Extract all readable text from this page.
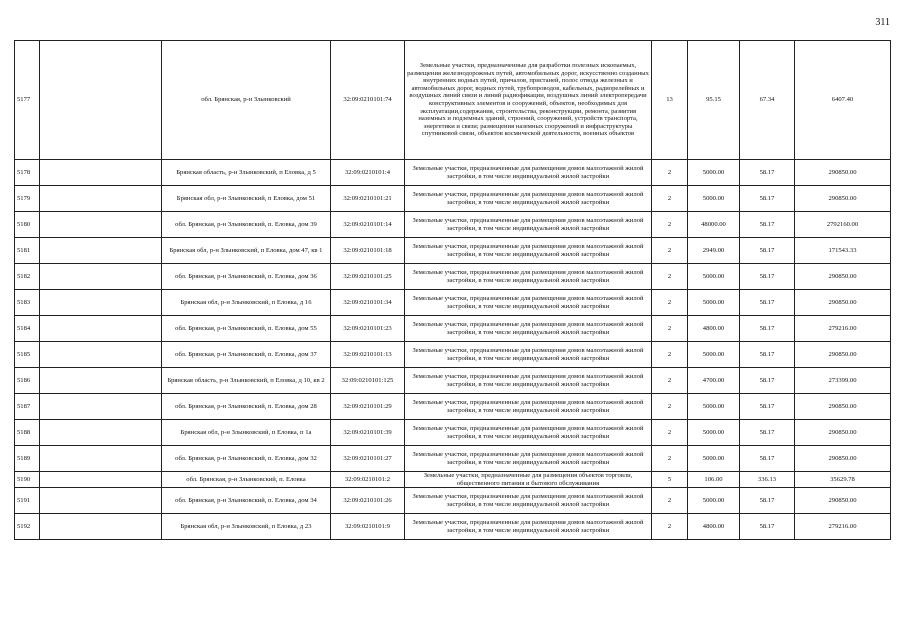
311
5177		обл. Брянская, р-н Злынковский	32:09:0210101:74	Земельные участки, предназначенные для разработки полезных ископаемых, размещения железнодорожных путей, автомобильных дорог, искусственно созданных внутренних водных путей, причалов, пристаней, полос отвода железных и автомобильных дорог, водных путей, трубопроводов, кабельных, радиорелейных и воздушных линий связи и линий радиофикации, воздушных линий электропередачи конструктивных элементов и сооружений, объектов, необходимых для эксплуатации,содержания, строительства, реконструкции, ремонта, развития наземных и подземных зданий, строений, сооружений, устройств транспорта, энергетики и связи; размещения наземных сооружений и инфраструктуры спутниковой связи, объектов космической деятельности, военных объектов	13	95.15	67.34	6407.40
5178		Брянская область, р-н Злынковский, п Еловка, д 5	32:09:0210101:4	Земельные участки, предназначенные для размещения домов малоэтажной жилой застройки, в том числе индивидуальной жилой застройки	2	5000.00	58.17	290850.00
5179		Брянская обл, р-н Злынковский, п Еловка, дом 51	32:09:0210101:21	Земельные участки, предназначенные для размещения домов малоэтажной жилой застройки, в том числе индивидуальной жилой застройки	2	5000.00	58.17	290850.00
5180		обл. Брянская, р-н Злынковский, п. Еловка, дом 39	32:09:0210101:14	Земельные участки, предназначенные для размещения домов малоэтажной жилой застройки, в том числе индивидуальной жилой застройки	2	48000.00	58.17	2792160.00
5181		Брянская обл, р-н Злынковский, п Еловка, дом 47, кв 1	32:09:0210101:18	Земельные участки, предназначенные для размещения домов малоэтажной жилой застройки, в том числе индивидуальной жилой застройки	2	2949.00	58.17	171543.33
5182		обл. Брянская, р-н Злынковский, п. Еловка, дом 36	32:09:0210101:25	Земельные участки, предназначенные для размещения домов малоэтажной жилой застройки, в том числе индивидуальной жилой застройки	2	5000.00	58.17	290850.00
5183		Брянская обл, р-н Злынковский, п Еловка, д 16	32:09:0210101:34	Земельные участки, предназначенные для размещения домов малоэтажной жилой застройки, в том числе индивидуальной жилой застройки	2	5000.00	58.17	290850.00
5184		обл. Брянская, р-н Злынковский, п. Еловка, дом 55	32:09:0210101:23	Земельные участки, предназначенные для размещения домов малоэтажной жилой застройки, в том числе индивидуальной жилой застройки	2	4800.00	58.17	279216.00
5185		обл. Брянская, р-н Злынковский, п. Еловка, дом 37	32:09:0210101:13	Земельные участки, предназначенные для размещения домов малоэтажной жилой застройки, в том числе индивидуальной жилой застройки	2	5000.00	58.17	290850.00
5186		Брянская область, р-н Злынковский, п Еловка, д 10, кв 2	32:09:0210101:125	Земельные участки, предназначенные для размещения домов малоэтажной жилой застройки, в том числе индивидуальной жилой застройки	2	4700.00	58.17	273399.00
5187		обл. Брянская, р-н Злынковский, п. Еловка, дом 28	32:09:0210101:29	Земельные участки, предназначенные для размещения домов малоэтажной жилой застройки, в том числе индивидуальной жилой застройки	2	5000.00	58.17	290850.00
5188		Брянская обл, р-н Злынковский, п Еловка, п 1а	32:09:0210101:39	Земельные участки, предназначенные для размещения домов малоэтажной жилой застройки, в том числе индивидуальной жилой застройки	2	5000.00	58.17	290850.00
5189		обл. Брянская, р-н Злынковский, п. Еловка, дом 32	32:09:0210101:27	Земельные участки, предназначенные для размещения домов малоэтажной жилой застройки, в том числе индивидуальной жилой застройки	2	5000.00	58.17	290850.00
5190		обл. Брянская, р-н Злынковский, п. Еловка	32:09:0210101:2	Земельные участки, предназначенные для размещения объектов торговли, общественного питания и бытового обслуживания	5	106.00	336.13	35629.78
5191		обл. Брянская, р-н Злынковский, п. Еловка, дом 34	32:09:0210101:26	Земельные участки, предназначенные для размещения домов малоэтажной жилой застройки, в том числе индивидуальной жилой застройки	2	5000.00	58.17	290850.00
5192		Брянская обл, р-н Злынковский, п Еловка, д 23	32:09:0210101:9	Земельные участки, предназначенные для размещения домов малоэтажной жилой застройки, в том числе индивидуальной жилой застройки	2	4800.00	58.17	279216.00
